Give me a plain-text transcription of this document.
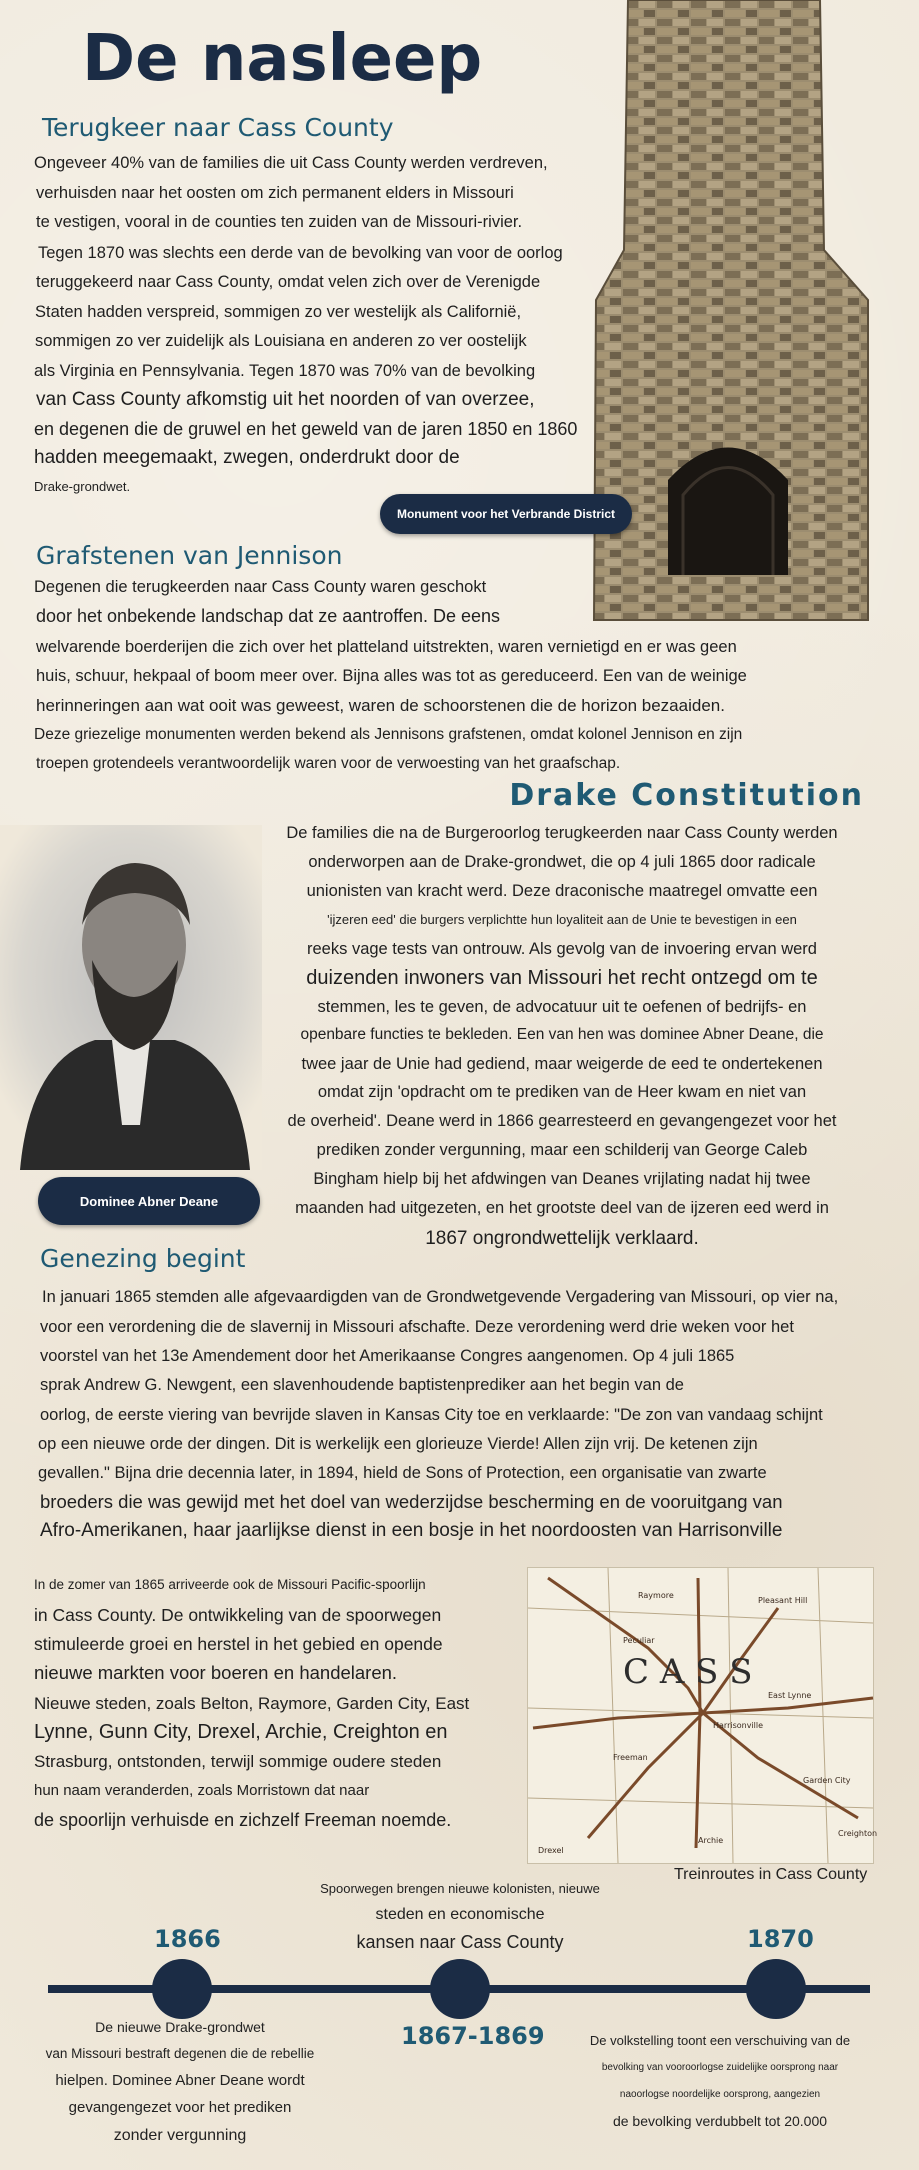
De nasleep
Terugkeer naar Cass County

Ongeveer 40% van de families die uit Cass County werden verdreven,

verhuisden naar het oosten om zich permanent elders in Missouri

te vestigen, vooral in de counties ten zuiden van de Missouri-rivier.

Tegen 1870 was slechts een derde van de bevolking van voor de oorlog

teruggekeerd naar Cass County, omdat velen zich over de Verenigde

Staten hadden verspreid, sommigen zo ver westelijk als Californië,

sommigen zo ver zuidelijk als Louisiana en anderen zo ver oostelijk

als Virginia en Pennsylvania. Tegen 1870 was 70% van de bevolking

van Cass County afkomstig uit het noorden of van overzee,

en degenen die de gruwel en het geweld van de jaren 1850 en 1860

hadden meegemaakt, zwegen, onderdrukt door de

Drake-grondwet.

Monument voor het Verbrande District
Grafstenen van Jennison

Degenen die terugkeerden naar Cass County waren geschokt

door het onbekende landschap dat ze aantroffen. De eens

welvarende boerderijen die zich over het platteland uitstrekten, waren vernietigd en er was geen

huis, schuur, hekpaal of boom meer over. Bijna alles was tot as gereduceerd. Een van de weinige

herinneringen aan wat ooit was geweest, waren de schoorstenen die de horizon bezaaiden.

Deze griezelige monumenten werden bekend als Jennisons grafstenen, omdat kolonel Jennison en zijn

troepen grotendeels verantwoordelijk waren voor de verwoesting van het graafschap.

Drake Constitution

De families die na de Burgeroorlog terugkeerden naar Cass County werden

onderworpen aan de Drake-grondwet, die op 4 juli 1865 door radicale

unionisten van kracht werd. Deze draconische maatregel omvatte een

'ijzeren eed' die burgers verplichtte hun loyaliteit aan de Unie te bevestigen in een

reeks vage tests van ontrouw. Als gevolg van de invoering ervan werd

duizenden inwoners van Missouri het recht ontzegd om te

stemmen, les te geven, de advocatuur uit te oefenen of bedrijfs- en

openbare functies te bekleden. Een van hen was dominee Abner Deane, die

twee jaar de Unie had gediend, maar weigerde de eed te ondertekenen

omdat zijn 'opdracht om te prediken van de Heer kwam en niet van

de overheid'. Deane werd in 1866 gearresteerd en gevangengezet voor het

prediken zonder vergunning, maar een schilderij van George Caleb

Bingham hielp bij het afdwingen van Deanes vrijlating nadat hij twee

maanden had uitgezeten, en het grootste deel van de ijzeren eed werd in

1867 ongrondwettelijk verklaard.

Dominee Abner Deane
Genezing begint

In januari 1865 stemden alle afgevaardigden van de Grondwetgevende Vergadering van Missouri, op vier na,

voor een verordening die de slavernij in Missouri afschafte. Deze verordening werd drie weken voor het

voorstel van het 13e Amendement door het Amerikaanse Congres aangenomen. Op 4 juli 1865

sprak Andrew G. Newgent, een slavenhoudende baptistenprediker aan het begin van de

oorlog, de eerste viering van bevrijde slaven in Kansas City toe en verklaarde: "De zon van vandaag schijnt

op een nieuwe orde der dingen. Dit is werkelijk een glorieuze Vierde! Allen zijn vrij. De ketenen zijn

gevallen." Bijna drie decennia later, in 1894, hield de Sons of Protection, een organisatie van zwarte

broeders die was gewijd met het doel van wederzijdse bescherming en de vooruitgang van

Afro-Amerikanen, haar jaarlijkse dienst in een bosje in het noordoosten van Harrisonville

In de zomer van 1865 arriveerde ook de Missouri Pacific-spoorlijn

in Cass County. De ontwikkeling van de spoorwegen

stimuleerde groei en herstel in het gebied en opende

nieuwe markten voor boeren en handelaren.

Nieuwe steden, zoals Belton, Raymore, Garden City, East

Lynne, Gunn City, Drexel, Archie, Creighton en

Strasburg, ontstonden, terwijl sommige oudere steden

hun naam veranderden, zoals Morristown dat naar

de spoorlijn verhuisde en zichzelf Freeman noemde.

C A S S
Raymore
Pleasant Hill
Peculiar
East Lynne
Harrisonville
Freeman
Garden City
Archie
Drexel
Creighton
Treinroutes in Cass County
Spoorwegen brengen nieuwe kolonisten, nieuwe
steden en economische
kansen naar Cass County
1866	1870
1867-1869
De nieuwe Drake-grondwet
van Missouri bestraft degenen die de rebellie
hielpen. Dominee Abner Deane wordt
gevangengezet voor het prediken
zonder vergunning
De volkstelling toont een verschuiving van de
bevolking van vooroorlogse zuidelijke oorsprong naar
naoorlogse noordelijke oorsprong, aangezien
de bevolking verdubbelt tot 20.000
